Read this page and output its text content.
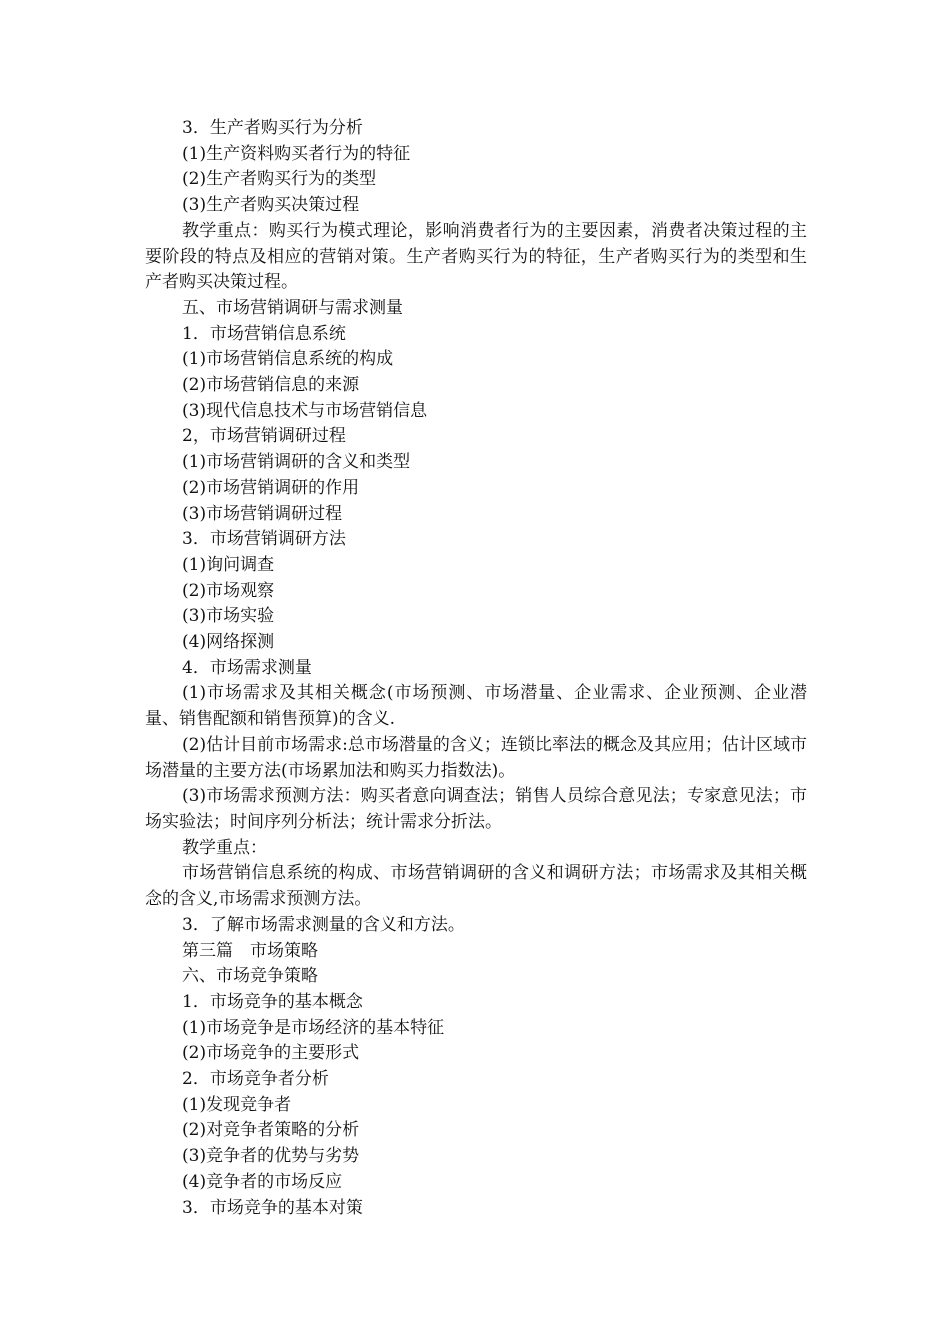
3．生产者购买行为分析

(1)生产资料购买者行为的特征

(2)生产者购买行为的类型

(3)生产者购买决策过程

教学重点：购买行为模式理论，影响消费者行为的主要因素，消费者决策过程的主要阶段的特点及相应的营销对策。生产者购买行为的特征，生产者购买行为的类型和生产者购买决策过程。

五、市场营销调研与需求测量

1．市场营销信息系统

(1)市场营销信息系统的构成

(2)市场营销信息的来源

(3)现代信息技术与市场营销信息

2，市场营销调研过程

(1)市场营销调研的含义和类型

(2)市场营销调研的作用

(3)市场营销调研过程

3．市场营销调研方法

(1)询问调查

(2)市场观察

(3)市场实验

(4)网络探测

4．市场需求测量

(1)市场需求及其相关概念(市场预测、市场潜量、企业需求、企业预测、企业潜量、销售配额和销售预算)的含义.

(2)估计目前市场需求:总市场潜量的含义；连锁比率法的概念及其应用；估计区域市场潜量的主要方法(市场累加法和购买力指数法)。

(3)市场需求预测方法：购买者意向调查法；销售人员综合意见法；专家意见法；市场实验法；时间序列分析法；统计需求分折法。

教学重点：

市场营销信息系统的构成、市场营销调研的含义和调研方法；市场需求及其相关概念的含义,市场需求预测方法。

3．了解市场需求测量的含义和方法。

第三篇　市场策略

六、市场竞争策略

1．市场竞争的基本概念

(1)市场竞争是市场经济的基本特征

(2)市场竞争的主要形式

2．市场竞争者分析

(1)发现竞争者

(2)对竞争者策略的分析

(3)竞争者的优势与劣势

(4)竞争者的市场反应

3．市场竞争的基本对策
